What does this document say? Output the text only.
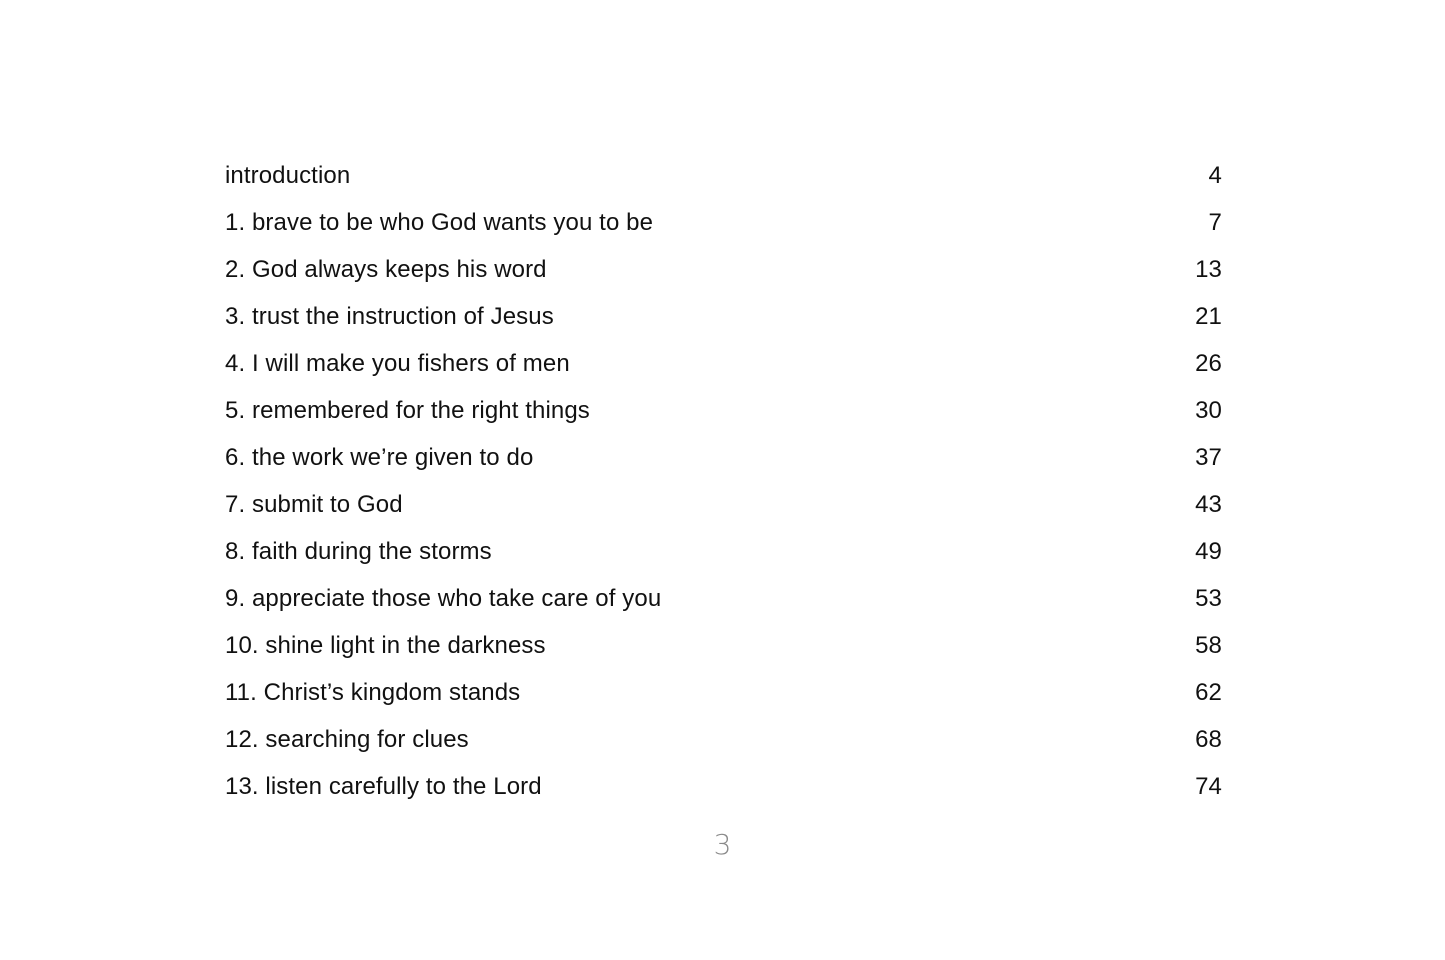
introduction	4
1. brave to be who God wants you to be	7
2. God always keeps his word	13
3. trust the instruction of Jesus	21
4. I will make you fishers of men	26
5. remembered for the right things	30
6. the work we’re given to do	37
7. submit to God	43
8. faith during the storms	49
9. appreciate those who take care of you	53
10. shine light in the darkness	58
11. Christ’s kingdom stands	62
12. searching for clues	68
13. listen carefully to the Lord	74
3
